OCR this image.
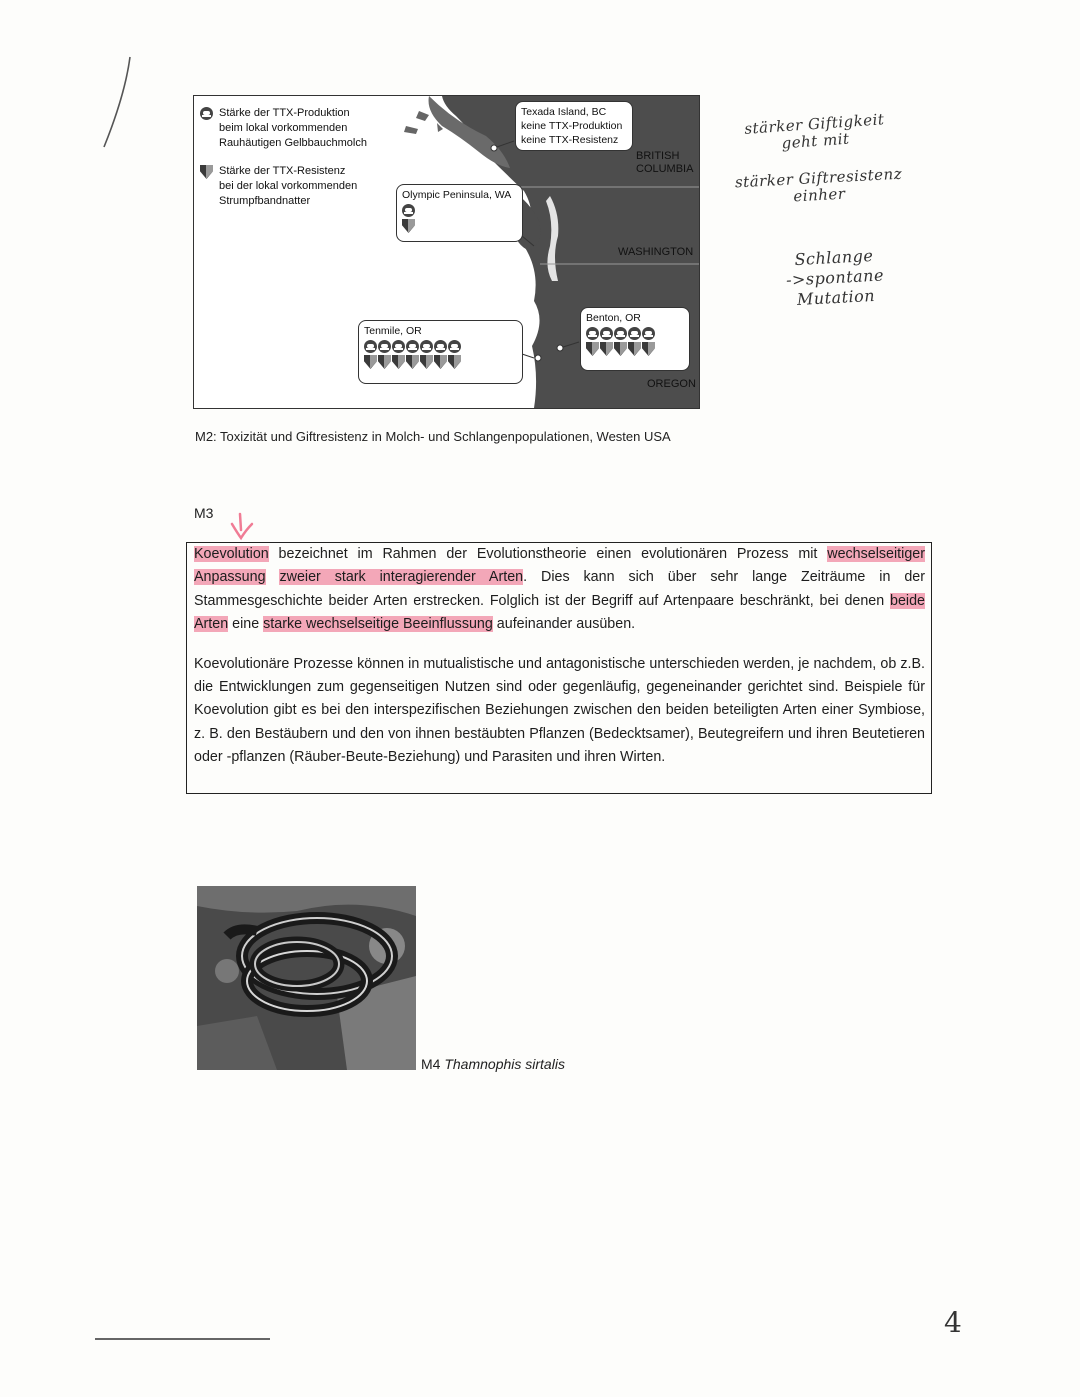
Stärke der TTX-Produktion
beim lokal vorkommenden
Rauhäutigen Gelbbauchmolch
Stärke der TTX-Resistenz
bei der lokal vorkommenden
Strumpfbandnatter
BRITISH
COLUMBIA
WASHINGTON
OREGON
Texada Island, BC
keine TTX-Produktion
keine TTX-Resistenz
Olympic Peninsula, WA
Tenmile, OR
Benton, OR
M2: Toxizität und Giftresistenz in Molch- und Schlangenpopulationen, Westen USA
stärker Giftigkeit
geht mit
stärker Giftresistenz
einher
Schlange
->spontane
Mutation
M3

Koevolution bezeichnet im Rahmen der Evolutionstheorie einen evolutionären Prozess mit wechselseitiger Anpassung zweier stark interagierender Arten. Dies kann sich über sehr lange Zeiträume in der Stammesgeschichte beider Arten erstrecken. Folglich ist der Begriff auf Artenpaare beschränkt, bei denen beide Arten eine starke wechselseitige Beeinflussung aufeinander ausüben.

Koevolutionäre Prozesse können in mutualistische und antagonistische unterschieden werden, je nachdem, ob z.B. die Entwicklungen zum gegenseitigen Nutzen sind oder gegenläufig, gegeneinander gerichtet sind. Beispiele für Koevolution gibt es bei den interspezifischen Beziehungen zwischen den beiden beteiligten Arten einer Symbiose, z. B. den Bestäubern und den von ihnen bestäubten Pflanzen (Bedecktsamer), Beutegreifern und ihren Beutetieren oder -pflanzen (Räuber-Beute-Beziehung) und Parasiten und ihren Wirten.

M4 Thamnophis sirtalis
4
